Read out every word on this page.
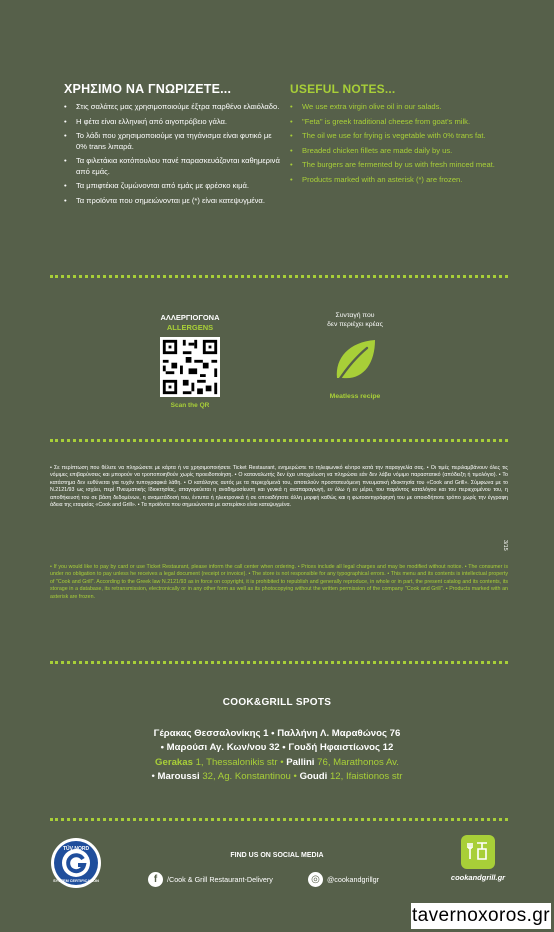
ΧΡΗΣΙΜΟ ΝΑ ΓΝΩΡΙΖΕΤΕ...
• Στις σαλάτες μας χρησιμοποιούμε έξτρα παρθένο ελαιόλαδο.
• Η φέτα είναι ελληνική από αιγοπρόβειο γάλα.
• Το λάδι που χρησιμοποιούμε για τηγάνισμα είναι φυτικό με 0% trans λιπαρά.
• Τα φιλετάκια κοτόπουλου πανέ παρασκευάζονται καθημερινά από εμάς.
• Τα μπιφτέκια ζυμώνονται από εμάς με φρέσκο κιμά.
• Τα προϊόντα που σημειώνονται με (*) είναι κατεψυγμένα.
USEFUL NOTES...
• We use extra virgin olive oil in our salads.
• "Feta" is greek traditional cheese from goat's milk.
• The oil we use for frying is vegetable with 0% trans fat.
• Breaded chicken fillets are made daily by us.
• The burgers are fermented by us with fresh minced meat.
• Products marked with an asterisk (*) are frozen.
ΑΛΛΕΡΓΙΟΓΟΝΑ
ALLERGENS
Scan the QR
Συνταγή που
δεν περιέχει κρέας
Meatless recipe
• Σε περίπτωση που θέλετε να πληρώσετε με κάρτα ή να χρησιμοποιήσετε Ticket Restaurant, ενημερώστε το τηλεφωνικό κέντρο κατά την παραγγελία σας. • Οι τιμές περιλαμβάνουν όλες τις νόμιμες επιβαρύνσεις και μπορούν να τροποποιηθούν χωρίς προειδοποίηση. • Ο καταναλωτής δεν έχει υποχρέωση να πληρώσει εάν δεν λάβει νόμιμο παραστατικό (απόδειξη ή τιμολόγιο). • Το κατάστημα δεν ευθύνεται για τυχόν τυπογραφικά λάθη. • Ο κατάλογος αυτός με τα περιεχόμενά του, αποτελούν προστατευόμενη πνευματική ιδιοκτησία του «Cook and Grill». Σύμφωνα με το Ν.2121/93 ως ισχύει, περί Πνευματικής Ιδιοκτησίας, απαγορεύεται η αναδημοσίευση και γενικά η αναπαραγωγή, εν όλω ή εν μέρει, του παρόντος καταλόγου και του περιεχομένου του, η αποθήκευσή του σε βάση δεδομένων, η αναμετάδοσή του, έντυπα ή ηλεκτρονικά ή σε οποιαδήποτε άλλη μορφή καθώς και η φωτοαντιγράφησή του με οποιοδήποτε τρόπο χωρίς την έγγραφη άδεια της εταιρείας «Cook and Grill». • Τα προϊόντα που σημειώνονται με αστερίσκο είναι κατεψυγμένα.
• If you would like to pay by card or use Ticket Restaurant, please inform the call center when ordering. • Prices include all legal charges and may be modified without notice. • The consumer is under no obligation to pay unless he receives a legal document (receipt or invoice). • The store is not responsible for any typographical errors. • This menu and its contents is intellectual property of "Cook and Grill". According to the Greek law N.2121/93 as in force on copyright, it is prohibited to republish and generally reproduce, in whole or in part, the present catalog and its contents, its storage in a database, its retransmission, electronically or in any other form as well as its photocopying without the written permission of the company "Cook and Grill". • Products marked with an asterisk are frozen.
3/15
COOK&GRILL SPOTS
Γέρακας Θεσσαλονίκης 1 • Παλλήνη Λ. Μαραθώνος 76
• Μαρούσι Αγ. Κων/νου 32 • Γουδή Ηφαιστίωνος 12
Gerakas 1, Thessalonikis str • Pallini 76, Marathonos Av.
• Maroussi 32, Ag. Konstantinou • Goudi 12, Ifaistionos str
TÜV NORD
SYSTEM CERTIFICATION
FIND US ON SOCIAL MEDIA
f	/Cook & Grill Restaurant-Delivery	◎ @cookandgrillgr	cookandgrill.gr
tavernoxoros.gr
